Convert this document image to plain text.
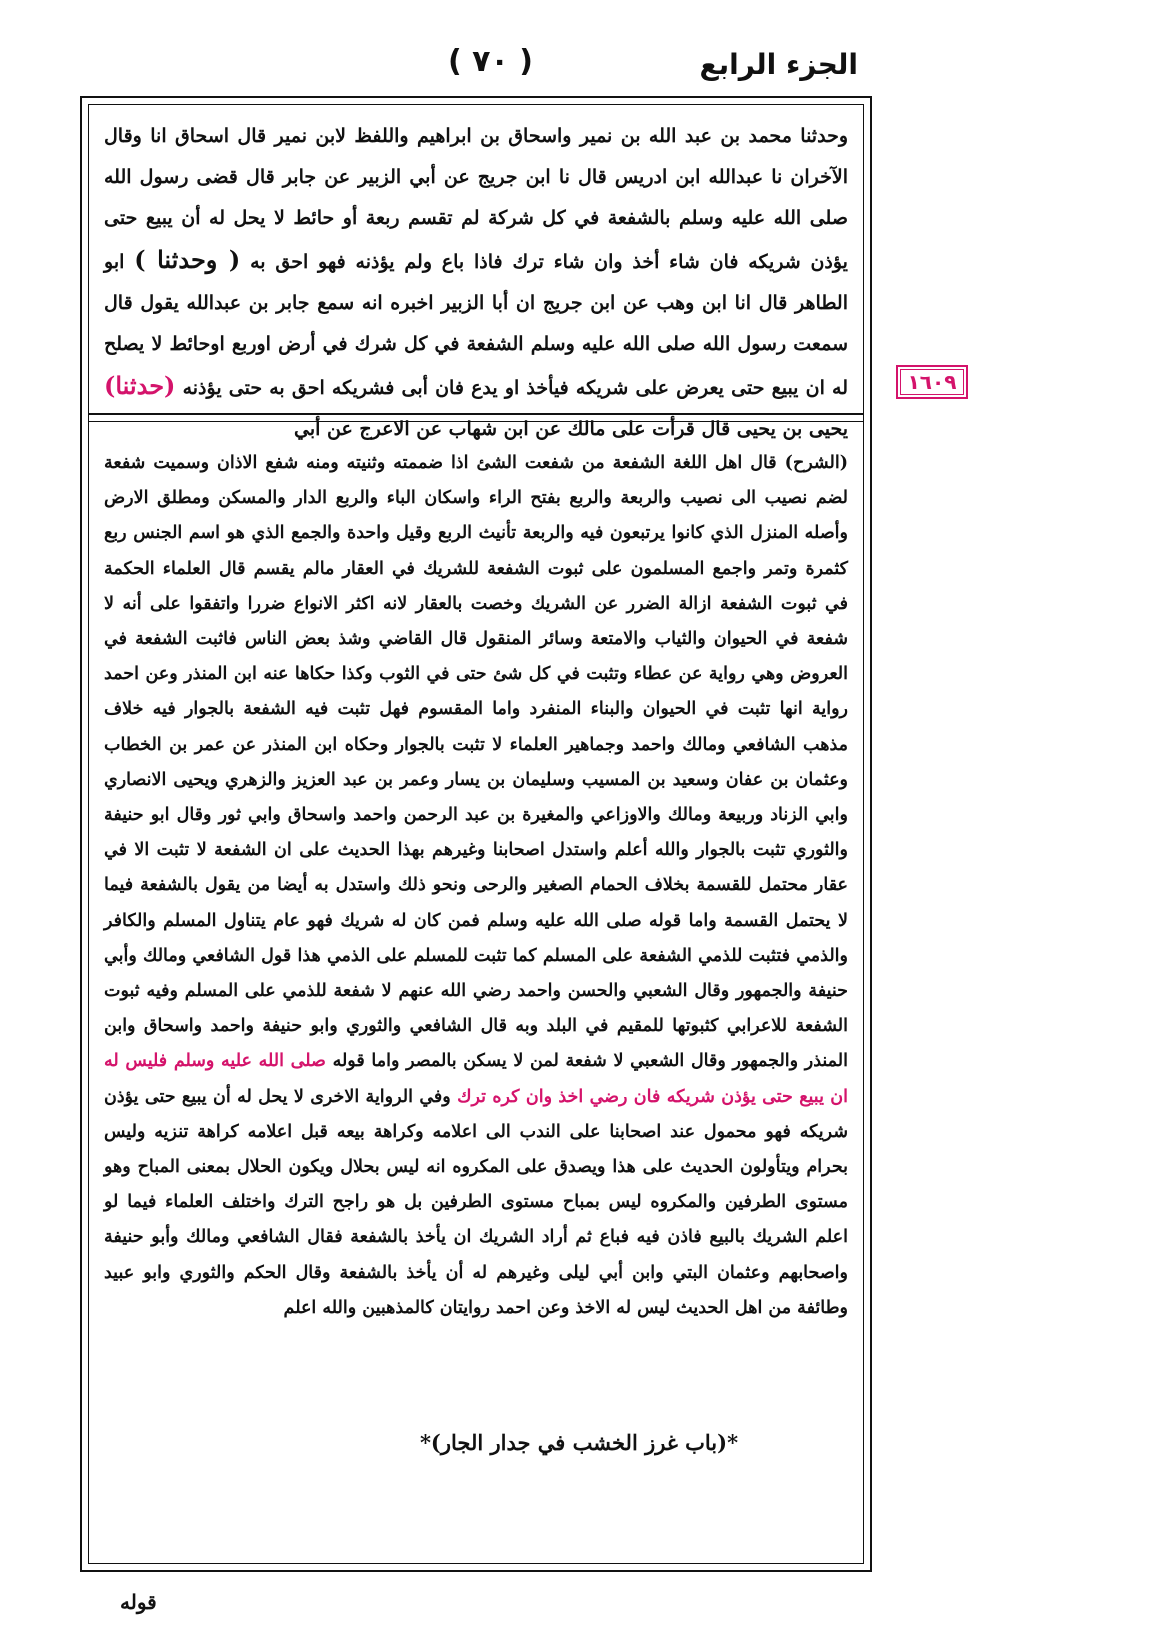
الجزء الرابع
( ٧٠ )
وحدثنا محمد بن عبد الله بن نمير واسحاق بن ابراهيم واللفظ لابن نمير قال اسحاق انا وقال الآخران نا عبدالله ابن ادريس قال نا ابن جريج عن أبي الزبير عن جابر قال قضى رسول الله صلى الله عليه وسلم بالشفعة في كل شركة لم تقسم ربعة أو حائط لا يحل له أن يبيع حتى يؤذن شريكه فان شاء أخذ وان شاء ترك فاذا باع ولم يؤذنه فهو احق به ( وحدثنا ) ابو الطاهر قال انا ابن وهب عن ابن جريج ان أبا الزبير اخبره انه سمع جابر بن عبدالله يقول قال سمعت رسول الله صلى الله عليه وسلم الشفعة في كل شرك في أرض اوربع اوحائط لا يصلح له ان يبيع حتى يعرض على شريكه فيأخذ او يدع فان أبى فشريكه احق به حتى يؤذنه (حدثنا) يحيى بن يحيى قال قرأت على مالك عن ابن شهاب عن الاعرج عن أبي
(الشرح) قال اهل اللغة الشفعة من شفعت الشئ اذا ضممته وثنيته ومنه شفع الاذان وسميت شفعة لضم نصيب الى نصيب والربعة والربع بفتح الراء واسكان الباء والربع الدار والمسكن ومطلق الارض وأصله المنزل الذي كانوا يرتبعون فيه والربعة تأنيث الربع وقيل واحدة والجمع الذي هو اسم الجنس ربع كثمرة وتمر واجمع المسلمون على ثبوت الشفعة للشريك في العقار مالم يقسم قال العلماء الحكمة في ثبوت الشفعة ازالة الضرر عن الشريك وخصت بالعقار لانه اكثر الانواع ضررا واتفقوا على أنه لا شفعة في الحيوان والثياب والامتعة وسائر المنقول قال القاضي وشذ بعض الناس فاثبت الشفعة في العروض وهي رواية عن عطاء وتثبت في كل شئ حتى في الثوب وكذا حكاها عنه ابن المنذر وعن احمد رواية انها تثبت في الحيوان والبناء المنفرد واما المقسوم فهل تثبت فيه الشفعة بالجوار فيه خلاف مذهب الشافعي ومالك واحمد وجماهير العلماء لا تثبت بالجوار وحكاه ابن المنذر عن عمر بن الخطاب وعثمان بن عفان وسعيد بن المسيب وسليمان بن يسار وعمر بن عبد العزيز والزهري ويحيى الانصاري وابي الزناد وربيعة ومالك والاوزاعي والمغيرة بن عبد الرحمن واحمد واسحاق وابي ثور وقال ابو حنيفة والثوري تثبت بالجوار والله أعلم واستدل اصحابنا وغيرهم بهذا الحديث على ان الشفعة لا تثبت الا في عقار محتمل للقسمة بخلاف الحمام الصغير والرحى ونحو ذلك واستدل به أيضا من يقول بالشفعة فيما لا يحتمل القسمة واما قوله صلى الله عليه وسلم فمن كان له شريك فهو عام يتناول المسلم والكافر والذمي فتثبت للذمي الشفعة على المسلم كما تثبت للمسلم على الذمي هذا قول الشافعي ومالك وأبي حنيفة والجمهور وقال الشعبي والحسن واحمد رضي الله عنهم لا شفعة للذمي على المسلم وفيه ثبوت الشفعة للاعرابي كثبوتها للمقيم في البلد وبه قال الشافعي والثوري وابو حنيفة واحمد واسحاق وابن المنذر والجمهور وقال الشعبي لا شفعة لمن لا يسكن بالمصر واما قوله صلى الله عليه وسلم فليس له ان يبيع حتى يؤذن شريكه فان رضي اخذ وان كره ترك وفي الرواية الاخرى لا يحل له أن يبيع حتى يؤذن شريكه فهو محمول عند اصحابنا على الندب الى اعلامه وكراهة بيعه قبل اعلامه كراهة تنزيه وليس بحرام ويتأولون الحديث على هذا ويصدق على المكروه انه ليس بحلال ويكون الحلال بمعنى المباح وهو مستوى الطرفين والمكروه ليس بمباح مستوى الطرفين بل هو راجح الترك واختلف العلماء فيما لو اعلم الشريك بالبيع فاذن فيه فباع ثم أراد الشريك ان يأخذ بالشفعة فقال الشافعي ومالك وأبو حنيفة واصحابهم وعثمان البتي وابن أبي ليلى وغيرهم له أن يأخذ بالشفعة وقال الحكم والثوري وابو عبيد وطائفة من اهل الحديث ليس له الاخذ وعن احمد روايتان كالمذهبين والله اعلم
١٦٠٩
*(باب غرز الخشب في جدار الجار)*
قوله
